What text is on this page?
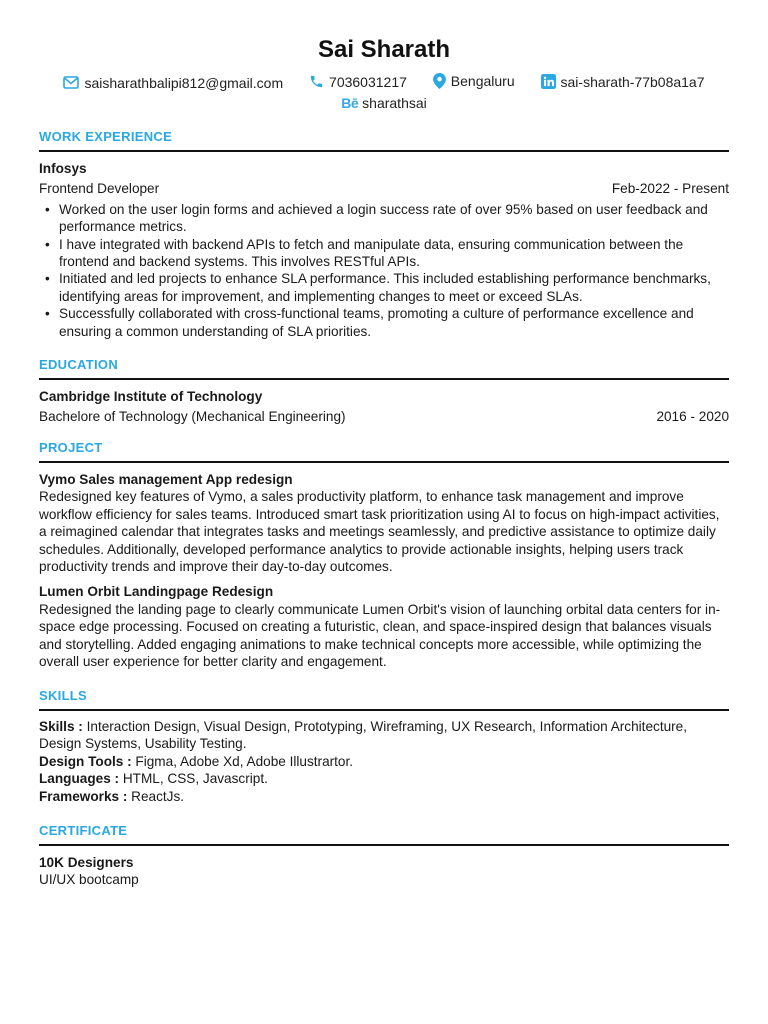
Sai Sharath
saisharathbalipi812@gmail.com
	7036031217
	Bengaluru
	sai-sharath-77b08a1a7
Bē sharathsai
WORK EXPERIENCE
Infosys
Frontend Developer	Feb-2022 - Present
• Worked on the user login forms and achieved a login success rate of over 95% based on user feedback and performance metrics.
• I have integrated with backend APIs to fetch and manipulate data, ensuring communication between the frontend and backend systems. This involves RESTful APIs.
• Initiated and led projects to enhance SLA performance. This included establishing performance benchmarks, identifying areas for improvement, and implementing changes to meet or exceed SLAs.
• Successfully collaborated with cross-functional teams, promoting a culture of performance excellence and ensuring a common understanding of SLA priorities.
EDUCATION
Cambridge Institute of Technology
Bachelore of Technology (Mechanical Engineering)	2016 - 2020
PROJECT
Vymo Sales management App redesign
Redesigned key features of Vymo, a sales productivity platform, to enhance task management and improve workflow efficiency for sales teams. Introduced smart task prioritization using AI to focus on high-impact activities, a reimagined calendar that integrates tasks and meetings seamlessly, and predictive assistance to optimize daily schedules. Additionally, developed performance analytics to provide actionable insights, helping users track productivity trends and improve their day-to-day outcomes.
Lumen Orbit Landingpage Redesign
Redesigned the landing page to clearly communicate Lumen Orbit's vision of launching orbital data centers for in-space edge processing. Focused on creating a futuristic, clean, and space-inspired design that balances visuals and storytelling. Added engaging animations to make technical concepts more accessible, while optimizing the overall user experience for better clarity and engagement.
SKILLS
Skills : Interaction Design, Visual Design, Prototyping, Wireframing, UX Research, Information Architecture, Design Systems, Usability Testing.
Design Tools : Figma, Adobe Xd, Adobe Illustrartor.
Languages : HTML, CSS, Javascript.
Frameworks : ReactJs.
CERTIFICATE
10K Designers
UI/UX bootcamp
